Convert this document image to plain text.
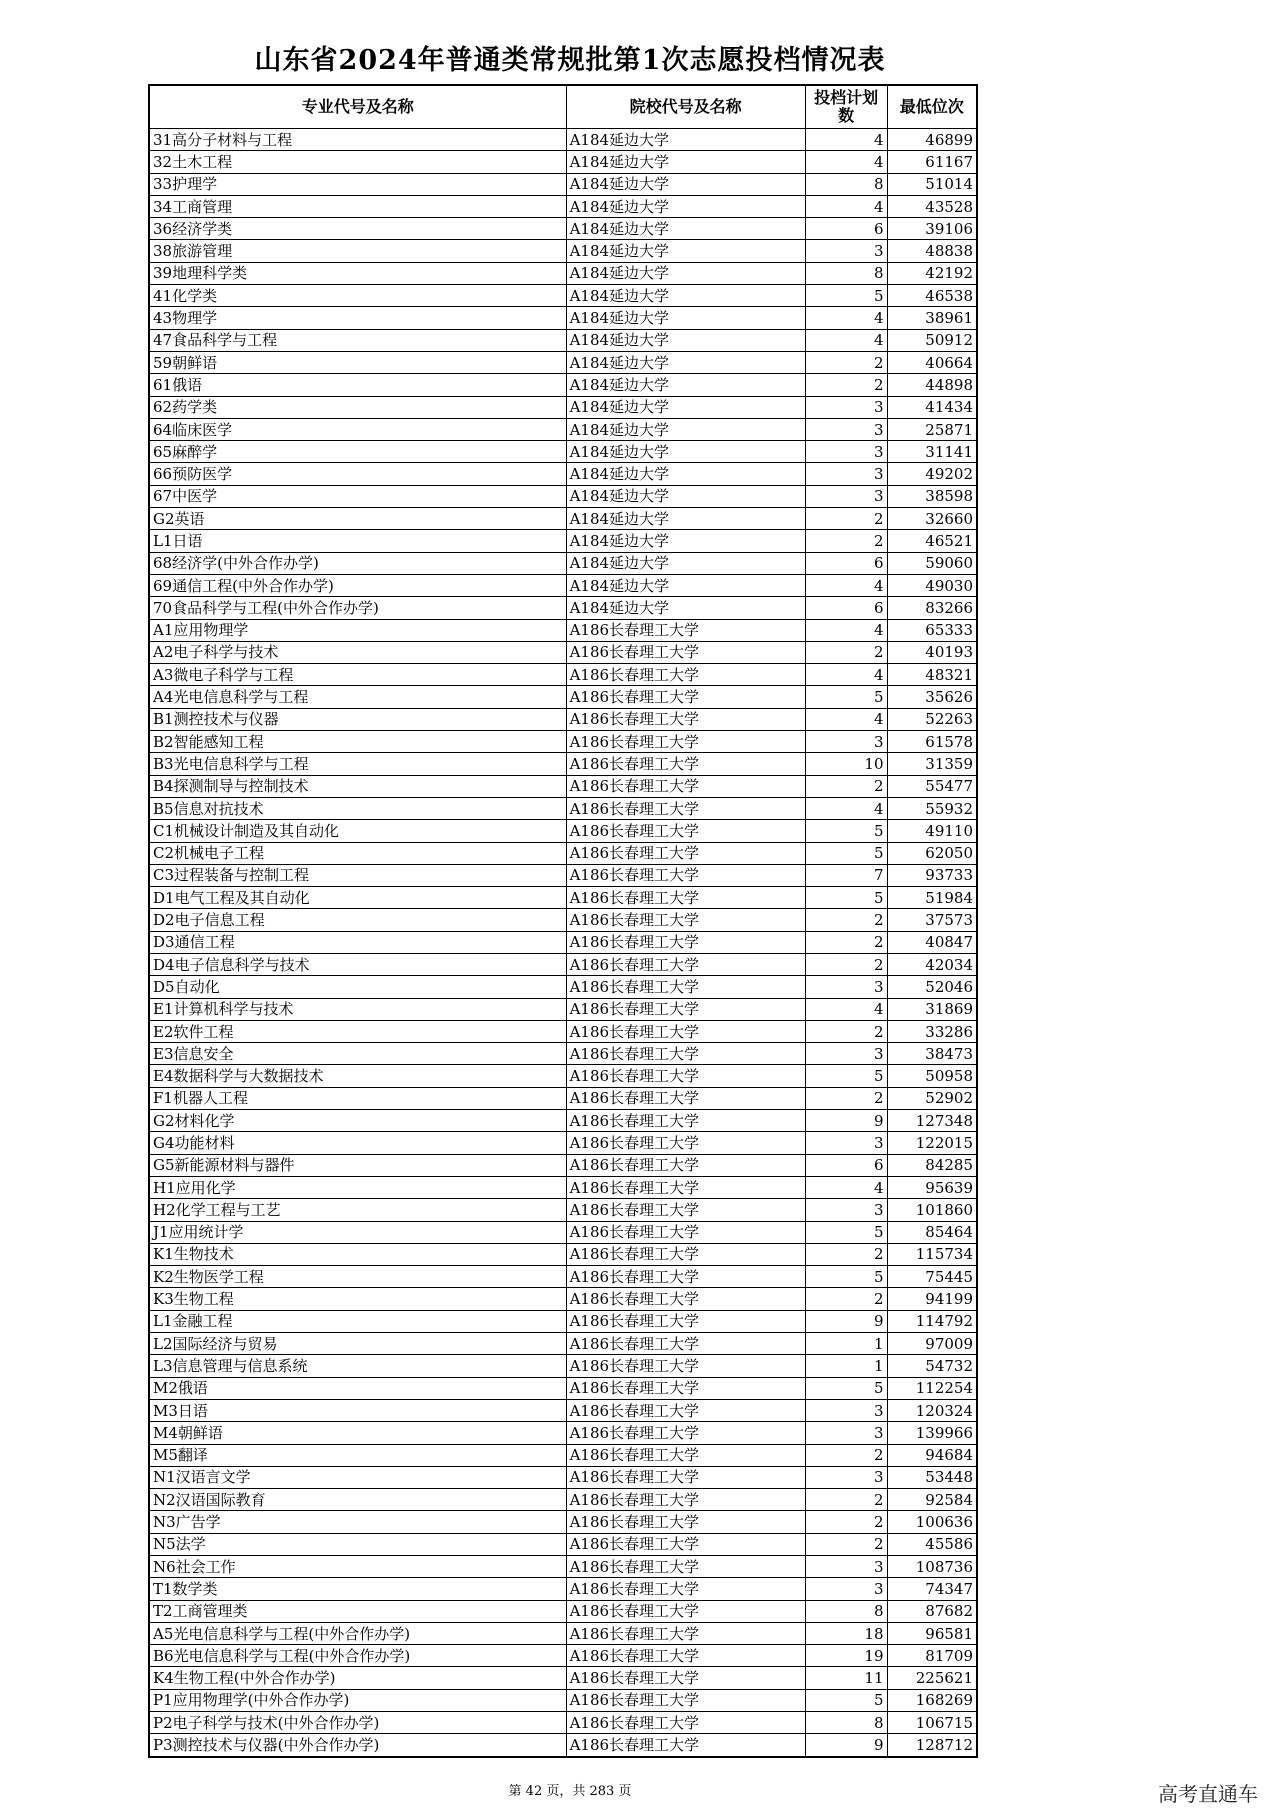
山东省2024年普通类常规批第1次志愿投档情况表
专业代号及名称	院校代号及名称	投档计划数	最低位次
31高分子材料与工程	A184延边大学	4	46899
32土木工程	A184延边大学	4	61167
33护理学	A184延边大学	8	51014
34工商管理	A184延边大学	4	43528
36经济学类	A184延边大学	6	39106
38旅游管理	A184延边大学	3	48838
39地理科学类	A184延边大学	8	42192
41化学类	A184延边大学	5	46538
43物理学	A184延边大学	4	38961
47食品科学与工程	A184延边大学	4	50912
59朝鲜语	A184延边大学	2	40664
61俄语	A184延边大学	2	44898
62药学类	A184延边大学	3	41434
64临床医学	A184延边大学	3	25871
65麻醉学	A184延边大学	3	31141
66预防医学	A184延边大学	3	49202
67中医学	A184延边大学	3	38598
G2英语	A184延边大学	2	32660
L1日语	A184延边大学	2	46521
68经济学(中外合作办学)	A184延边大学	6	59060
69通信工程(中外合作办学)	A184延边大学	4	49030
70食品科学与工程(中外合作办学)	A184延边大学	6	83266
A1应用物理学	A186长春理工大学	4	65333
A2电子科学与技术	A186长春理工大学	2	40193
A3微电子科学与工程	A186长春理工大学	4	48321
A4光电信息科学与工程	A186长春理工大学	5	35626
B1测控技术与仪器	A186长春理工大学	4	52263
B2智能感知工程	A186长春理工大学	3	61578
B3光电信息科学与工程	A186长春理工大学	10	31359
B4探测制导与控制技术	A186长春理工大学	2	55477
B5信息对抗技术	A186长春理工大学	4	55932
C1机械设计制造及其自动化	A186长春理工大学	5	49110
C2机械电子工程	A186长春理工大学	5	62050
C3过程装备与控制工程	A186长春理工大学	7	93733
D1电气工程及其自动化	A186长春理工大学	5	51984
D2电子信息工程	A186长春理工大学	2	37573
D3通信工程	A186长春理工大学	2	40847
D4电子信息科学与技术	A186长春理工大学	2	42034
D5自动化	A186长春理工大学	3	52046
E1计算机科学与技术	A186长春理工大学	4	31869
E2软件工程	A186长春理工大学	2	33286
E3信息安全	A186长春理工大学	3	38473
E4数据科学与大数据技术	A186长春理工大学	5	50958
F1机器人工程	A186长春理工大学	2	52902
G2材料化学	A186长春理工大学	9	127348
G4功能材料	A186长春理工大学	3	122015
G5新能源材料与器件	A186长春理工大学	6	84285
H1应用化学	A186长春理工大学	4	95639
H2化学工程与工艺	A186长春理工大学	3	101860
J1应用统计学	A186长春理工大学	5	85464
K1生物技术	A186长春理工大学	2	115734
K2生物医学工程	A186长春理工大学	5	75445
K3生物工程	A186长春理工大学	2	94199
L1金融工程	A186长春理工大学	9	114792
L2国际经济与贸易	A186长春理工大学	1	97009
L3信息管理与信息系统	A186长春理工大学	1	54732
M2俄语	A186长春理工大学	5	112254
M3日语	A186长春理工大学	3	120324
M4朝鲜语	A186长春理工大学	3	139966
M5翻译	A186长春理工大学	2	94684
N1汉语言文学	A186长春理工大学	3	53448
N2汉语国际教育	A186长春理工大学	2	92584
N3广告学	A186长春理工大学	2	100636
N5法学	A186长春理工大学	2	45586
N6社会工作	A186长春理工大学	3	108736
T1数学类	A186长春理工大学	3	74347
T2工商管理类	A186长春理工大学	8	87682
A5光电信息科学与工程(中外合作办学)	A186长春理工大学	18	96581
B6光电信息科学与工程(中外合作办学)	A186长春理工大学	19	81709
K4生物工程(中外合作办学)	A186长春理工大学	11	225621
P1应用物理学(中外合作办学)	A186长春理工大学	5	168269
P2电子科学与技术(中外合作办学)	A186长春理工大学	8	106715
P3测控技术与仪器(中外合作办学)	A186长春理工大学	9	128712
第 42 页，共 283 页	高考直通车
